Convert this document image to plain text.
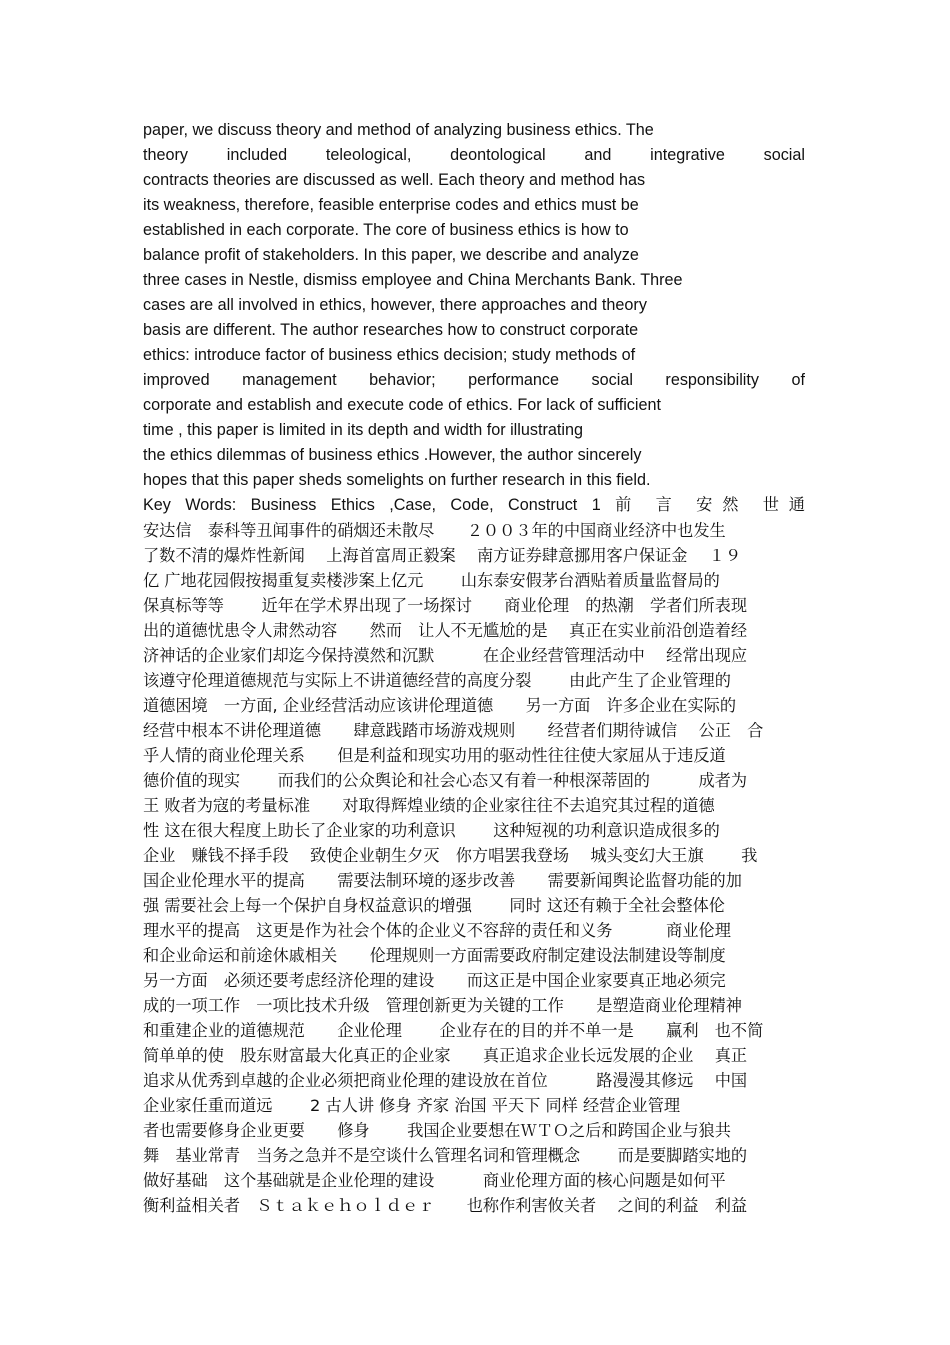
paper, we discuss theory and method of analyzing business ethics. The
theory included teleological, deontological and integrative social
contracts theories are discussed as well. Each theory and method has
its weakness, therefore, feasible enterprise codes and ethics must be
established in each corporate. The core of business ethics is how to
balance profit of stakeholders. In this paper, we describe and analyze
three cases in Nestle, dismiss employee and China Merchants Bank. Three
cases are all involved in ethics, however, there approaches and theory
basis are different. The author researches how to construct corporate
ethics: introduce factor of business ethics decision; study methods of
improved management behavior; performance social responsibility of
corporate and establish and execute code of ethics. For lack of sufficient
time , this paper is limited in its depth and width for illustrating
the ethics dilemmas of business ethics .However, the author sincerely
hopes that this paper sheds somelights on further research in this field.
Key Words: Business Ethics ,Case, Code, Construct 1 前 言 安然 世通
安达信　泰科等丑闻事件的硝烟还未散尽　　２００３年的中国商业经济中也发生
了数不清的爆炸性新闻　 上海首富周正毅案　 南方证券肆意挪用客户保证金　 １９
亿 广地花园假按揭重复卖楼涉案上亿元　　 山东泰安假茅台酒贴着质量监督局的
保真标等等　　 近年在学术界出现了一场探讨　　商业伦理　的热潮　学者们所表现
出的道德忧患令人肃然动容　　然而　让人不无尴尬的是　 真正在实业前沿创造着经
济神话的企业家们却迄今保持漠然和沉默　　　在企业经营管理活动中　 经常出现应
该遵守伦理道德规范与实际上不讲道德经营的高度分裂　　 由此产生了企业管理的
道德困境　一方面, 企业经营活动应该讲伦理道德　　另一方面　许多企业在实际的
经营中根本不讲伦理道德　　肆意践踏市场游戏规则　　经营者们期待诚信　 公正　合
乎人情的商业伦理关系　　但是利益和现实功用的驱动性往往使大家屈从于违反道
德价值的现实　　 而我们的公众舆论和社会心态又有着一种根深蒂固的　　　成者为
王 败者为寇的考量标准　　对取得辉煌业绩的企业家往往不去追究其过程的道德
性 这在很大程度上助长了企业家的功利意识　　 这种短视的功利意识造成很多的
企业　赚钱不择手段　 致使企业朝生夕灭　你方唱罢我登场　 城头变幻大王旗　　 我
国企业伦理水平的提高　　需要法制环境的逐步改善　　需要新闻舆论监督功能的加
强 需要社会上每一个保护自身权益意识的增强　　 同时 这还有赖于全社会整体伦
理水平的提高　这更是作为社会个体的企业义不容辞的责任和义务　　　 商业伦理
和企业命运和前途休戚相关　　伦理规则一方面需要政府制定建设法制建设等制度
另一方面　必须还要考虑经济伦理的建设　　而这正是中国企业家要真正地必须完
成的一项工作　一项比技术升级　管理创新更为关键的工作　　是塑造商业伦理精神
和重建企业的道德规范　　企业伦理　　 企业存在的目的并不单一是　　赢利　也不简
简单单的使　股东财富最大化真正的企业家　　真正追求企业长远发展的企业　 真正
追求从优秀到卓越的企业必须把商业伦理的建设放在首位　　　路漫漫其修远　 中国
企业家任重而道远　　 2 古人讲 修身 齐家 治国 平天下 同样 经营企业管理
者也需要修身企业更要　　修身　　 我国企业要想在ＷＴＯ之后和跨国企业与狼共
舞　基业常青　当务之急并不是空谈什么管理名词和管理概念　　 而是要脚踏实地的
做好基础　这个基础就是企业伦理的建设　　　商业伦理方面的核心问题是如何平
衡利益相关者　Ｓｔａｋｅｈｏｌｄｅｒ　　也称作利害攸关者　 之间的利益　利益
